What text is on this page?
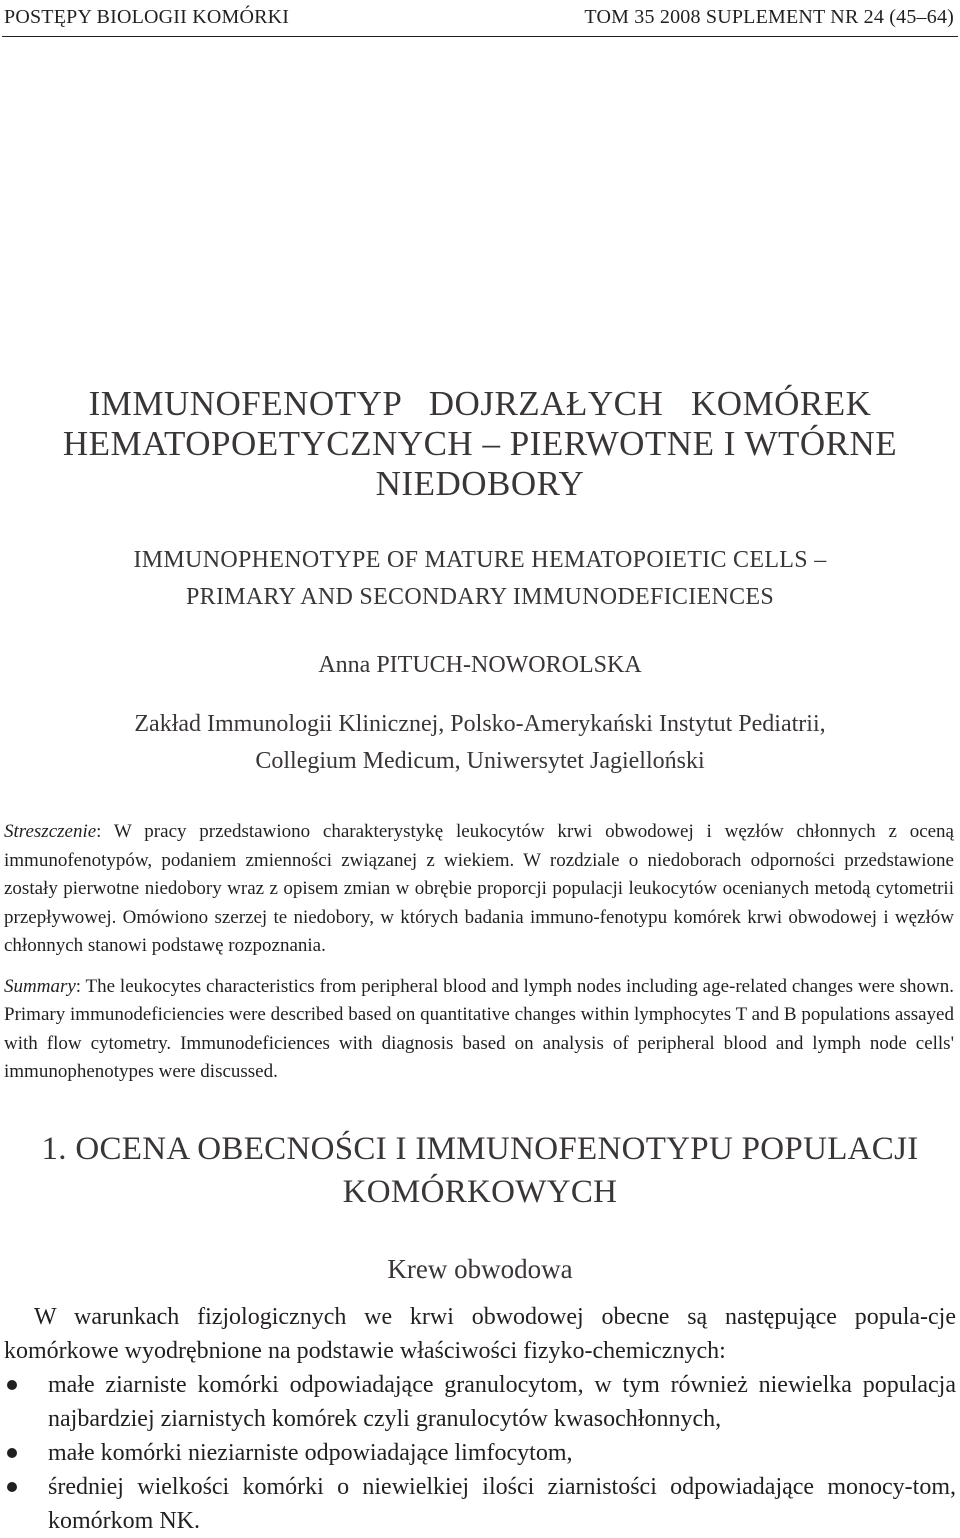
POSTĘPY BIOLOGII KOMÓRKI	TOM 35 2008 SUPLEMENT NR 24 (45–64)
IMMUNOFENOTYP   DOJRZAŁYCH   KOMÓREK
HEMATOPOETYCZNYCH – PIERWOTNE I WTÓRNE
NIEDOBORY
IMMUNOPHENOTYPE OF MATURE HEMATOPOIETIC CELLS –
PRIMARY AND SECONDARY IMMUNODEFICIENCES
Anna PITUCH-NOWOROLSKA
Zakład Immunologii Klinicznej, Polsko-Amerykański Instytut Pediatrii,
Collegium Medicum, Uniwersytet Jagielloński

Streszczenie: W pracy przedstawiono charakterystykę leukocytów krwi obwodowej i węzłów chłonnych z oceną immunofenotypów, podaniem zmienności związanej z wiekiem. W rozdziale o niedoborach odporności przedstawione zostały pierwotne niedobory wraz z opisem zmian w obrębie proporcji populacji leukocytów ocenianych metodą cytometrii przepływowej. Omówiono szerzej te niedobory, w których badania immuno-fenotypu komórek krwi obwodowej i węzłów chłonnych stanowi podstawę rozpoznania.

Summary: The leukocytes characteristics from peripheral blood and lymph nodes including age-related changes were shown. Primary immunodeficiencies were described based on quantitative changes within lymphocytes T and B populations assayed with flow cytometry. Immunodeficiences with diagnosis based on analysis of peripheral blood and lymph node cells' immunophenotypes were discussed.

1. OCENA OBECNOŚCI I IMMUNOFENOTYPU POPULACJI
KOMÓRKOWYCH
Krew obwodowa

W warunkach fizjologicznych we krwi obwodowej obecne są następujące popula-cje komórkowe wyodrębnione na podstawie właściwości fizyko-chemicznych:

małe ziarniste komórki odpowiadające granulocytom, w tym również niewielka populacja najbardziej ziarnistych komórek czyli granulocytów kwasochłonnych,
małe komórki nieziarniste odpowiadające limfocytom,
średniej wielkości komórki o niewielkiej ilości ziarnistości odpowiadające monocy-tom, komórkom NK.
